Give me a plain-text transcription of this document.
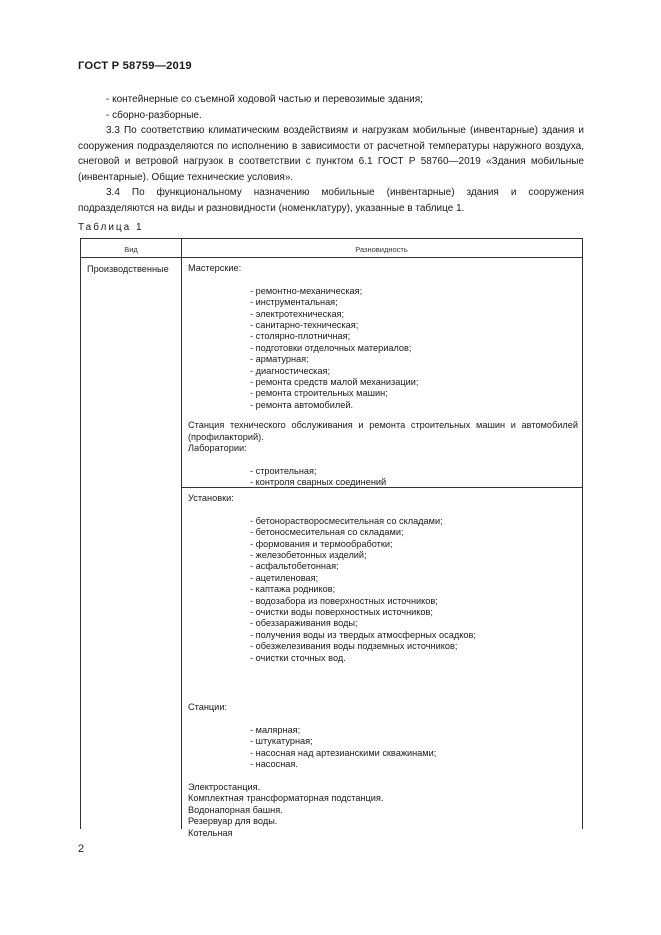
ГОСТ Р 58759—2019
- контейнерные со съемной ходовой частью и перевозимые здания;
- сборно-разборные.
3.3 По соответствию климатическим воздействиям и нагрузкам мобильные (инвентарные) здания и сооружения подразделяются по исполнению в зависимости от расчетной температуры наружного воздуха, снеговой и ветровой нагрузок в соответствии с пунктом 6.1 ГОСТ Р 58760—2019 «Здания мобильные (инвентарные). Общие технические условия».
3.4 По функциональному назначению мобильные (инвентарные) здания и сооружения подразделяются на виды и разновидности (номенклатуру), указанные в таблице 1.
Таблица 1
Вид	Разновидность
Производственные Мастерские:
- ремонтно-механическая;
- инструментальная;
- электротехническая;
- санитарно-техническая;
- столярно-плотничная;
- подготовки отделочных материалов;
- арматурная;
- диагностическая;
- ремонта средств малой механизации;
- ремонта строительных машин;
- ремонта автомобилей.
Станция технического обслуживания и ремонта строительных машин и автомобилей (профилакторий).
Лаборатории:
- строительная;
- контроля сварных соединений
Установки:
- бетонорастворосмесительная со складами;
- бетоносмесительная со складами;
- формования и термообработки;
- железобетонных изделий;
- асфальтобетонная;
- ацетиленовая;
- каптажа родников;
- водозабора из поверхностных источников;
- очистки воды поверхностных источников;
- обеззараживания воды;
- получения воды из твердых атмосферных осадков;
- обезжелезивания воды подземных источников;
- очистки сточных вод.
Станции:
- малярная;
- штукатурная;
- насосная над артезианскими скважинами;
- насосная.
Электростанция.
Комплектная трансформаторная подстанция.
Водонапорная башня.
Резервуар для воды.
Котельная
2
